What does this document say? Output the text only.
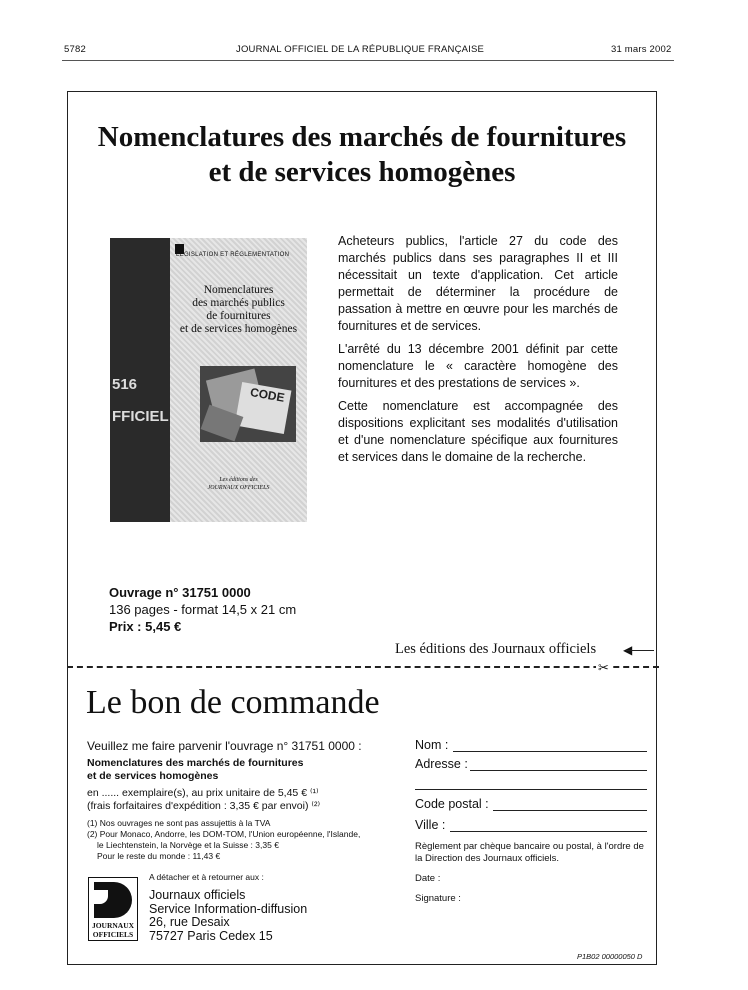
5782	JOURNAL OFFICIEL DE LA RÉPUBLIQUE FRANÇAISE	31 mars 2002
Nomenclatures des marchés de fournitures
et de services homogènes
516
FFICIEL
LÉGISLATION ET RÉGLEMENTATION
Nomenclatures
des marchés publics
de fournitures
et de services homogènes
CODE
Les éditions des
JOURNAUX OFFICIELS

Acheteurs publics, l'article 27 du code des marchés publics dans ses paragraphes II et III nécessitait un texte d'application. Cet article permettait de déterminer la procédure de passation à mettre en œuvre pour les marchés de fournitures et de services.

L'arrêté du 13 décembre 2001 définit par cette nomenclature le « caractère homogène des fournitures et des prestations de services ».

Cette nomenclature est accompagnée des dispositions explicitant ses modalités d'utilisation et d'une nomenclature spécifique aux fournitures et services dans le domaine de la recherche.

Ouvrage n° 31751 0000
136 pages - format 14,5 x 21 cm
Prix : 5,45 €
Les éditions des Journaux officiels ◀
✂
Le bon de commande
Veuillez me faire parvenir l'ouvrage n° 31751 0000 :
Nomenclatures des marchés de fournitures
et de services homogènes
en ...... exemplaire(s), au prix unitaire de 5,45 € ⁽¹⁾
(frais forfaitaires d'expédition : 3,35 € par envoi) ⁽²⁾
(1) Nos ouvrages ne sont pas assujettis à la TVA
(2) Pour Monaco, Andorre, les DOM-TOM, l'Union européenne, l'Islande,
le Liechtenstein, la Norvège et la Suisse : 3,35 €
Pour le reste du monde : 11,43 €
A détacher et à retourner aux :
JOURNAUX
OFFICIELS
Journaux officiels
Service Information-diffusion
26, rue Desaix
75727 Paris Cedex 15
Nom :
Adresse :
Code postal :
Ville :
Règlement par chèque bancaire ou postal, à l'ordre de la Direction des Journaux officiels.
Date :
Signature :
P1B02 00000050 D
